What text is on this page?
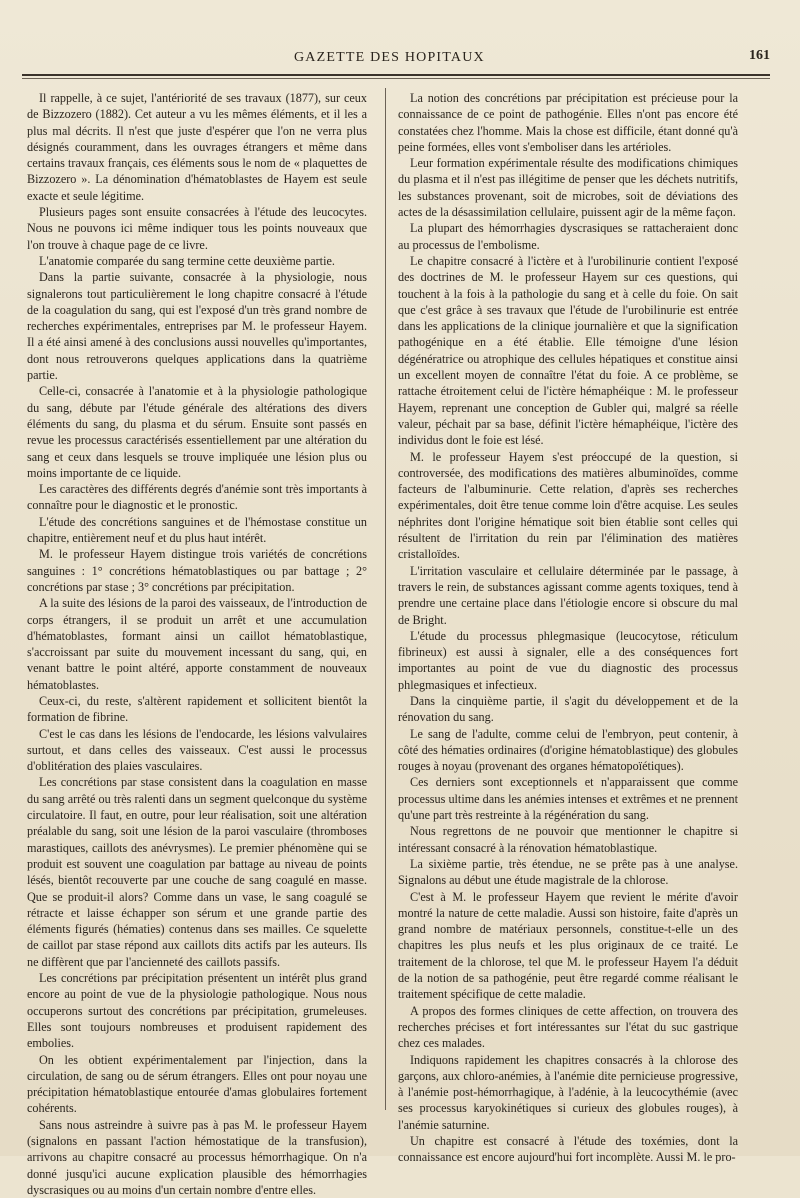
GAZETTE DES HOPITAUX	161

Il rappelle, à ce sujet, l'antériorité de ses travaux (1877), sur ceux de Bizzozero (1882). Cet auteur a vu les mêmes éléments, et il les a plus mal décrits. Il n'est que juste d'espérer que l'on ne verra plus désignés couramment, dans les ouvrages étrangers et même dans certains travaux français, ces éléments sous le nom de « plaquettes de Bizzozero ». La dénomination d'hématoblastes de Hayem est seule exacte et seule légitime.

Plusieurs pages sont ensuite consacrées à l'étude des leucocytes. Nous ne pouvons ici même indiquer tous les points nouveaux que l'on trouve à chaque page de ce livre.

L'anatomie comparée du sang termine cette deuxième partie.

Dans la partie suivante, consacrée à la physiologie, nous signalerons tout particulièrement le long chapitre consacré à l'étude de la coagulation du sang, qui est l'exposé d'un très grand nombre de recherches expérimentales, entreprises par M. le professeur Hayem. Il a été ainsi amené à des conclusions aussi nouvelles qu'importantes, dont nous retrouverons quelques applications dans la quatrième partie.

Celle-ci, consacrée à l'anatomie et à la physiologie pathologique du sang, débute par l'étude générale des altérations des divers éléments du sang, du plasma et du sérum. Ensuite sont passés en revue les processus caractérisés essentiellement par une altération du sang et ceux dans lesquels se trouve impliquée une lésion plus ou moins importante de ce liquide.

Les caractères des différents degrés d'anémie sont très importants à connaître pour le diagnostic et le pronostic.

L'étude des concrétions sanguines et de l'hémostase constitue un chapitre, entièrement neuf et du plus haut intérêt.

M. le professeur Hayem distingue trois variétés de concrétions sanguines : 1° concrétions hématoblastiques ou par battage ; 2° concrétions par stase ; 3° concrétions par précipitation.

A la suite des lésions de la paroi des vaisseaux, de l'introduction de corps étrangers, il se produit un arrêt et une accumulation d'hématoblastes, formant ainsi un caillot hématoblastique, s'accroissant par suite du mouvement incessant du sang, qui, en venant battre le point altéré, apporte constamment de nouveaux hématoblastes.

Ceux-ci, du reste, s'altèrent rapidement et sollicitent bientôt la formation de fibrine.

C'est le cas dans les lésions de l'endocarde, les lésions valvulaires surtout, et dans celles des vaisseaux. C'est aussi le processus d'oblitération des plaies vasculaires.

Les concrétions par stase consistent dans la coagulation en masse du sang arrêté ou très ralenti dans un segment quelconque du système circulatoire. Il faut, en outre, pour leur réalisation, soit une altération préalable du sang, soit une lésion de la paroi vasculaire (thromboses marastiques, caillots des anévrysmes). Le premier phénomène qui se produit est souvent une coagulation par battage au niveau de points lésés, bientôt recouverte par une couche de sang coagulé en masse. Que se produit-il alors? Comme dans un vase, le sang coagulé se rétracte et laisse échapper son sérum et une grande partie des éléments figurés (hématies) contenus dans ses mailles. Ce squelette de caillot par stase répond aux caillots dits actifs par les auteurs. Ils ne diffèrent que par l'ancienneté des caillots passifs.

Les concrétions par précipitation présentent un intérêt plus grand encore au point de vue de la physiologie pathologique. Nous nous occuperons surtout des concrétions par précipitation, grumeleuses. Elles sont toujours nombreuses et produisent rapidement des embolies.

On les obtient expérimentalement par l'injection, dans la circulation, de sang ou de sérum étrangers. Elles ont pour noyau une précipitation hématoblastique entourée d'amas globulaires fortement cohérents.

Sans nous astreindre à suivre pas à pas M. le professeur Hayem (signalons en passant l'action hémostatique de la transfusion), arrivons au chapitre consacré au processus hémorrhagique. On n'a donné jusqu'ici aucune explication plausible des hémorrhagies dyscrasiques ou au moins d'un certain nombre d'entre elles.

La notion des concrétions par précipitation est précieuse pour la connaissance de ce point de pathogénie. Elles n'ont pas encore été constatées chez l'homme. Mais la chose est difficile, étant donné qu'à peine formées, elles vont s'emboliser dans les artérioles.

Leur formation expérimentale résulte des modifications chimiques du plasma et il n'est pas illégitime de penser que les déchets nutritifs, les substances provenant, soit de microbes, soit de déviations des actes de la désassimilation cellulaire, puissent agir de la même façon.

La plupart des hémorrhagies dyscrasiques se rattacheraient donc au processus de l'embolisme.

Le chapitre consacré à l'ictère et à l'urobilinurie contient l'exposé des doctrines de M. le professeur Hayem sur ces questions, qui touchent à la fois à la pathologie du sang et à celle du foie. On sait que c'est grâce à ses travaux que l'étude de l'urobilinurie est entrée dans les applications de la clinique journalière et que la signification pathogénique en a été établie. Elle témoigne d'une lésion dégénératrice ou atrophique des cellules hépatiques et constitue ainsi un excellent moyen de connaître l'état du foie. A ce problème, se rattache étroitement celui de l'ictère hémaphéique : M. le professeur Hayem, reprenant une conception de Gubler qui, malgré sa réelle valeur, péchait par sa base, définit l'ictère hémaphéique, l'ictère des individus dont le foie est lésé.

M. le professeur Hayem s'est préoccupé de la question, si controversée, des modifications des matières albuminoïdes, comme facteurs de l'albuminurie. Cette relation, d'après ses recherches expérimentales, doit être tenue comme loin d'être acquise. Les seules néphrites dont l'origine hématique soit bien établie sont celles qui résultent de l'irritation du rein par l'élimination des matières cristalloïdes.

L'irritation vasculaire et cellulaire déterminée par le passage, à travers le rein, de substances agissant comme agents toxiques, tend à prendre une certaine place dans l'étiologie encore si obscure du mal de Bright.

L'étude du processus phlegmasique (leucocytose, réticulum fibrineux) est aussi à signaler, elle a des conséquences fort importantes au point de vue du diagnostic des processus phlegmasiques et infectieux.

Dans la cinquième partie, il s'agit du développement et de la rénovation du sang.

Le sang de l'adulte, comme celui de l'embryon, peut contenir, à côté des hématies ordinaires (d'origine hématoblastique) des globules rouges à noyau (provenant des organes hématopoïétiques).

Ces derniers sont exceptionnels et n'apparaissent que comme processus ultime dans les anémies intenses et extrêmes et ne prennent qu'une part très restreinte à la régénération du sang.

Nous regrettons de ne pouvoir que mentionner le chapitre si intéressant consacré à la rénovation hématoblastique.

La sixième partie, très étendue, ne se prête pas à une analyse. Signalons au début une étude magistrale de la chlorose.

C'est à M. le professeur Hayem que revient le mérite d'avoir montré la nature de cette maladie. Aussi son histoire, faite d'après un grand nombre de matériaux personnels, constitue-t-elle un des chapitres les plus neufs et les plus originaux de ce traité. Le traitement de la chlorose, tel que M. le professeur Hayem l'a déduit de la notion de sa pathogénie, peut être regardé comme réalisant le traitement spécifique de cette maladie.

A propos des formes cliniques de cette affection, on trouvera des recherches précises et fort intéressantes sur l'état du suc gastrique chez ces malades.

Indiquons rapidement les chapitres consacrés à la chlorose des garçons, aux chloro-anémies, à l'anémie dite pernicieuse progressive, à l'anémie post-hémorrhagique, à l'adénie, à la leucocythémie (avec ses processus karyokinétiques si curieux des globules rouges), à l'anémie saturnine.

Un chapitre est consacré à l'étude des toxémies, dont la connaissance est encore aujourd'hui fort incomplète. Aussi M. le pro-
